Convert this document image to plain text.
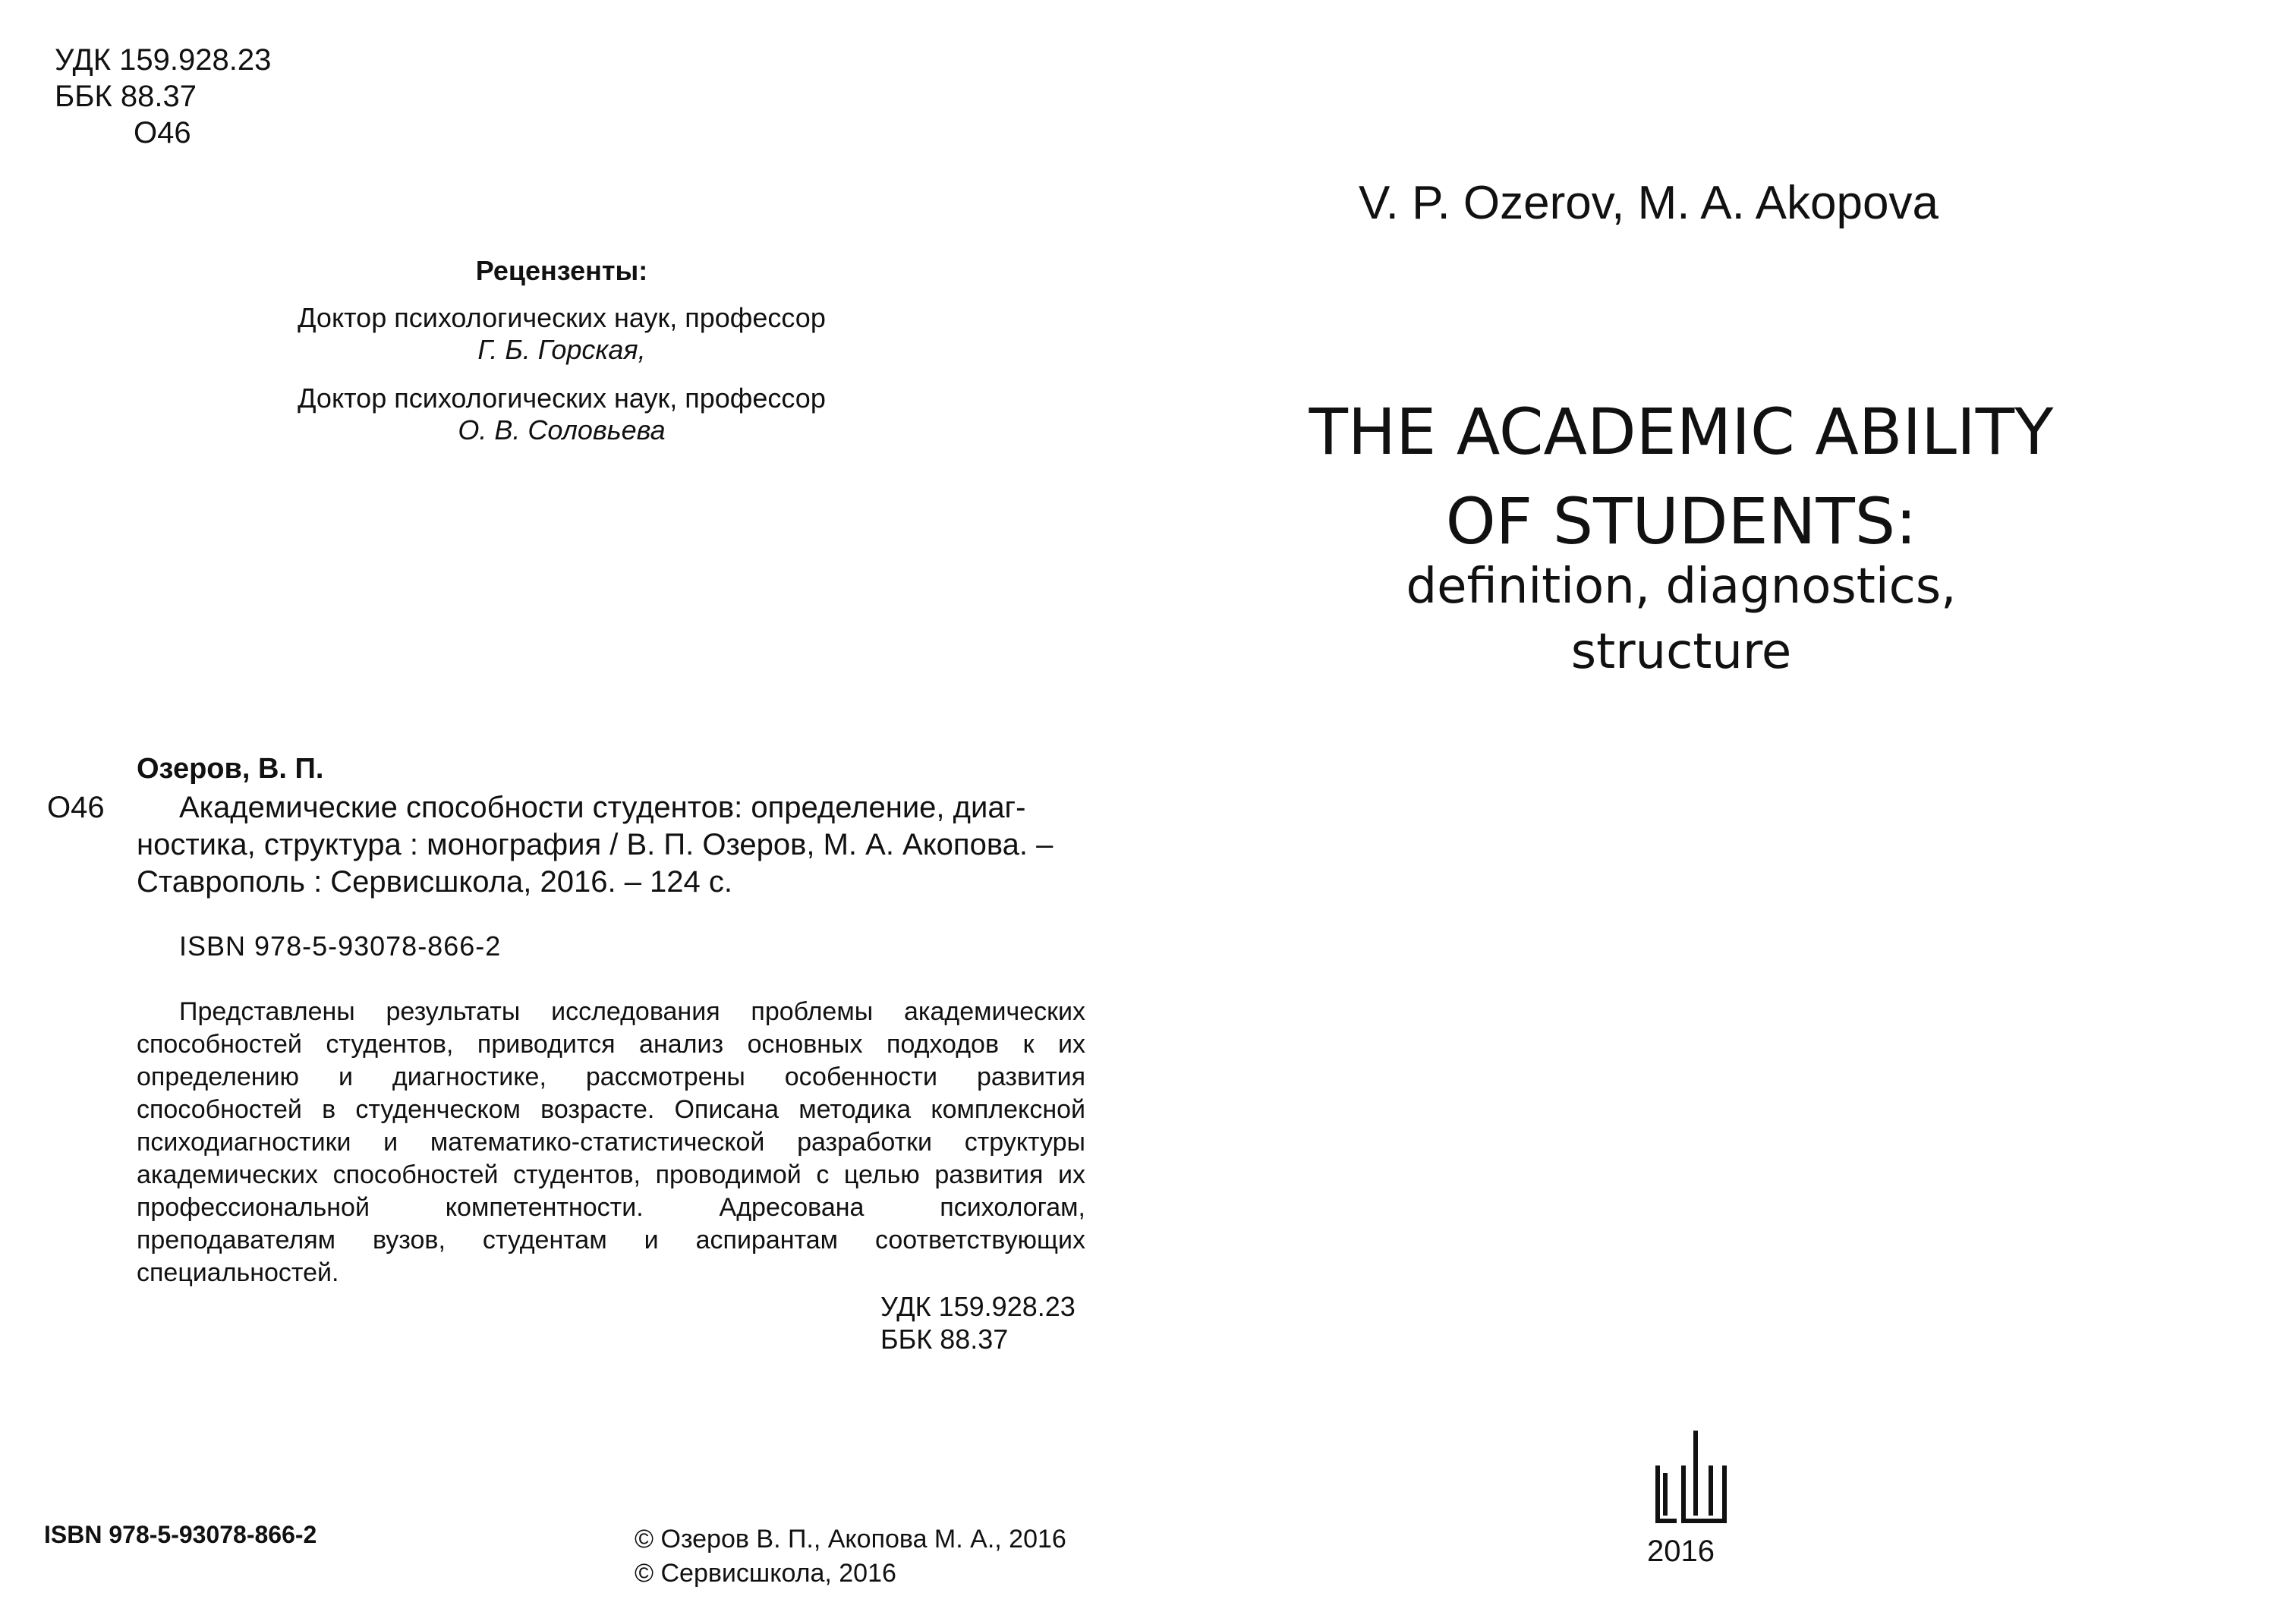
УДК 159.928.23
ББК 88.37
О46
Рецензенты:
Доктор психологических наук, профессор
Г. Б. Горская,
Доктор психологических наук, профессор
О. В. Соловьева
Озеров, В. П.
О46	Академические способности студентов: определение, диаг-
ностика, структура : монография / В. П. Озеров, М. А. Акопова. –
Ставрополь : Сервисшкола, 2016. – 124 с.
ISBN 978-5-93078-866-2
Представлены результаты исследования проблемы академических способностей студентов, приводится анализ основных подходов к их определению и диагностике, рассмотрены особенности развития способностей в студенческом возрасте. Описана методика комплексной психодиагностики и математико-статистической разработки структуры академических способностей студентов, проводимой с целью развития их профессиональной компетентности. Адресована психологам, преподавателям вузов, студентам и аспирантам соответствующих специальностей.
УДК 159.928.23
ББК 88.37
ISBN 978-5-93078-866-2	© Озеров В. П., Акопова М. А., 2016
© Сервисшкола, 2016
V. P. Ozerov, M. A. Akopova
THE ACADEMIC ABILITY
OF STUDENTS:
definition, diagnostics,
structure
2016
